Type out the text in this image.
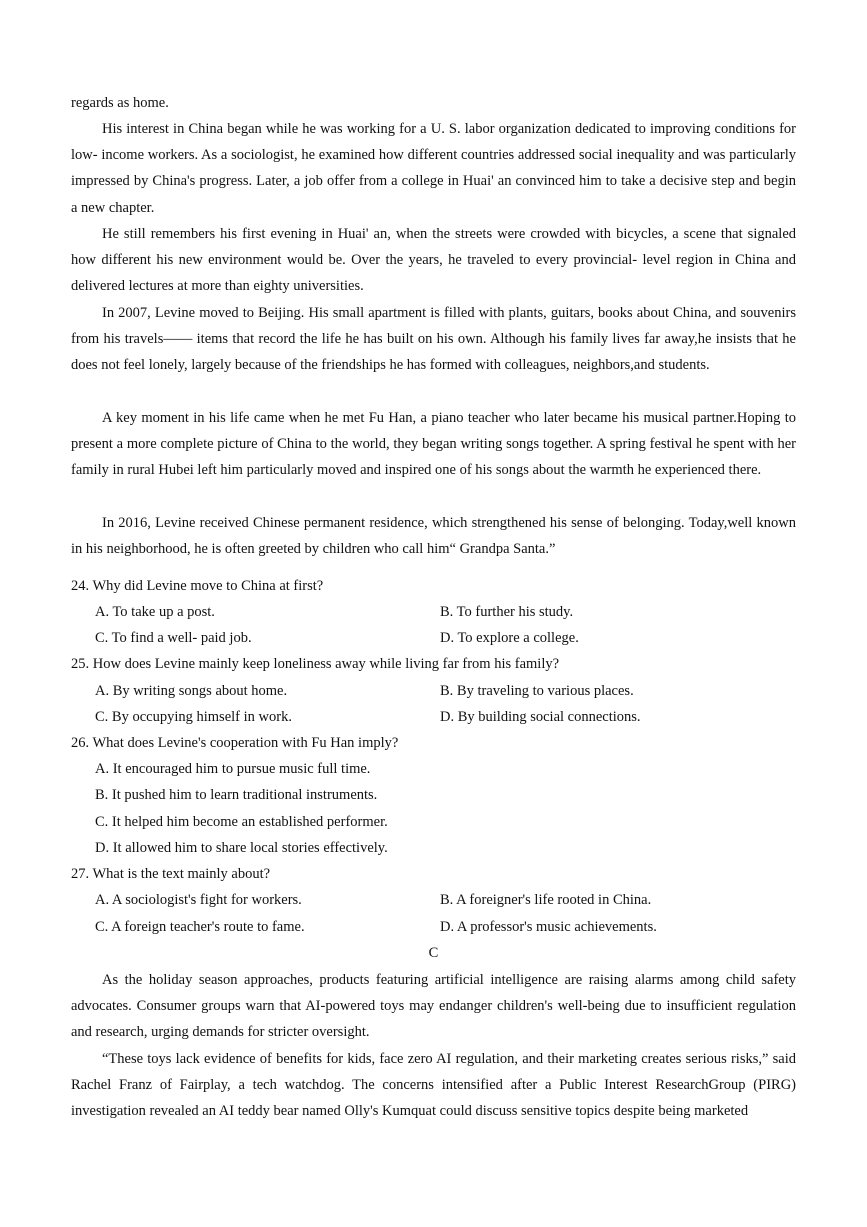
regards as home.

His interest in China began while he was working for a U. S. labor organization dedicated to improving conditions for low- income workers. As a sociologist, he examined how different countries addressed social inequality and was particularly impressed by China's progress. Later, a job offer from a college in Huai' an convinced him to take a decisive step and begin a new chapter.

He still remembers his first evening in Huai' an, when the streets were crowded with bicycles, a scene that signaled how different his new environment would be. Over the years, he traveled to every provincial- level region in China and delivered lectures at more than eighty universities.

In 2007, Levine moved to Beijing. His small apartment is filled with plants, guitars, books about China, and souvenirs from his travels—— items that record the life he has built on his own. Although his family lives far away,he insists that he does not feel lonely, largely because of the friendships he has formed with colleagues, neighbors,and students.

A key moment in his life came when he met Fu Han, a piano teacher who later became his musical partner.Hoping to present a more complete picture of China to the world, they began writing songs together. A spring festival he spent with her family in rural Hubei left him particularly moved and inspired one of his songs about the warmth he experienced there.

In 2016, Levine received Chinese permanent residence, which strengthened his sense of belonging. Today,well known in his neighborhood, he is often greeted by children who call him“ Grandpa Santa.”

24. Why did Levine move to China at first?
A. To take up a post.	B. To further his study.
C. To find a well- paid job.	D. To explore a college.
25. How does Levine mainly keep loneliness away while living far from his family?
A. By writing songs about home.	B. By traveling to various places.
C. By occupying himself in work.	D. By building social connections.
26. What does Levine's cooperation with Fu Han imply?
A. It encouraged him to pursue music full time.
B. It pushed him to learn traditional instruments.
C. It helped him become an established performer.
D. It allowed him to share local stories effectively.
27. What is the text mainly about?
A. A sociologist's fight for workers.	B. A foreigner's life rooted in China.
C. A foreign teacher's route to fame.	D. A professor's music achievements.
C

As the holiday season approaches, products featuring artificial intelligence are raising alarms among child safety advocates. Consumer groups warn that AI-powered toys may endanger children's well-being due to insufficient regulation and research, urging demands for stricter oversight.

“These toys lack evidence of benefits for kids, face zero AI regulation, and their marketing creates serious risks,” said Rachel Franz of Fairplay, a tech watchdog. The concerns intensified after a Public Interest ResearchGroup (PIRG) investigation revealed an AI teddy bear named Olly's Kumquat could discuss sensitive topics despite being marketed
